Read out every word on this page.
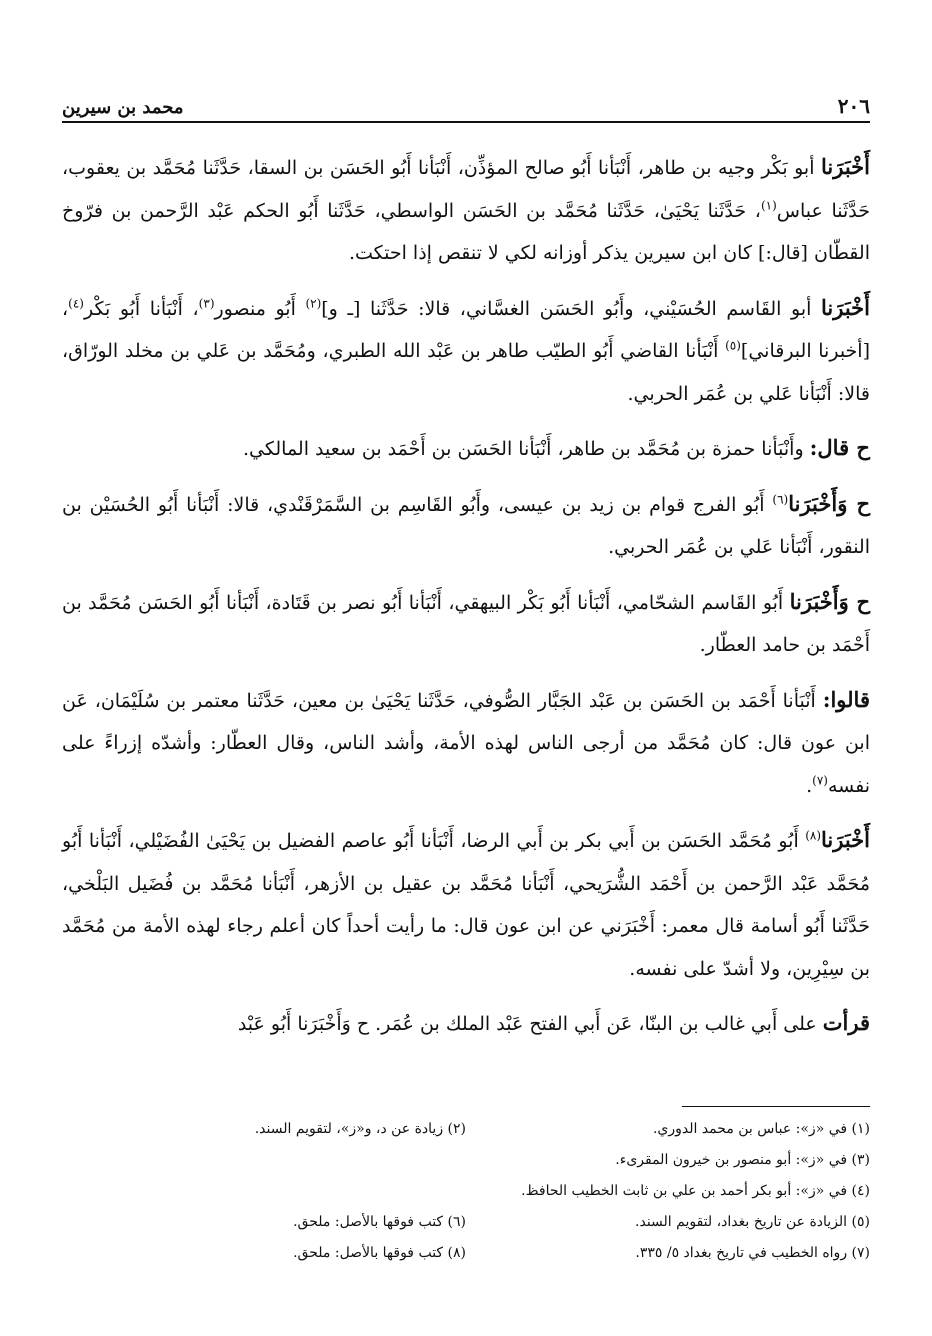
٢٠٦
محمد بن سيرين

أَخْبَرَنا أبو بَكْر وجيه بن طاهر، أَنْبَأنا أَبُو صالح المؤذِّن، أَنْبَأنا أَبُو الحَسَن بن السقا، حَدَّثَنا مُحَمَّد بن يعقوب، حَدَّثَنا عباس$^{(١)}$، حَدَّثَنا يَحْيَىٰ، حَدَّثَنا مُحَمَّد بن الحَسَن الواسطي، حَدَّثَنا أَبُو الحكم عَبْد الرَّحمن بن فرّوخ القطّان [قال:] كان ابن سيرين يذكر أوزانه لكي لا تنقص إذا احتكت.

أَخْبَرَنا أبو القَاسم الحُسَيْني، وأَبُو الحَسَن الغسَّاني، قالا: حَدَّثَنا [ـ و]$^{(٢)}$ أَبُو منصور$^{(٣)}$، أَنْبَأنا أَبُو بَكْر$^{(٤)}$، [أخبرنا البرقاني]$^{(٥)}$ أَنْبَأنا القاضي أَبُو الطيّب طاهر بن عَبْد الله الطبري، ومُحَمَّد بن عَلي بن مخلد الورّاق، قالا: أَنْبَأنا عَلي بن عُمَر الحربي.

ح قال: وأَنْبَأنا حمزة بن مُحَمَّد بن طاهر، أَنْبَأنا الحَسَن بن أَحْمَد بن سعيد المالكي.

ح وَأَخْبَرَنا$^{(٦)}$ أَبُو الفرج قوام بن زيد بن عيسى، وأَبُو القَاسِم بن السَّمَرْقَنْدي، قالا: أَنْبَأنا أَبُو الحُسَيْن بن النقور، أَنْبَأنا عَلي بن عُمَر الحربي.

ح وَأَخْبَرَنا أَبُو القَاسم الشحّامي، أَنْبَأنا أَبُو بَكْر البيهقي، أَنْبَأنا أَبُو نصر بن قَتَادة، أَنْبَأنا أَبُو الحَسَن مُحَمَّد بن أَحْمَد بن حامد العطّار.

قالوا: أَنْبَأنا أَحْمَد بن الحَسَن بن عَبْد الجَبَّار الصُّوفي، حَدَّثَنا يَحْيَىٰ بن معين، حَدَّثَنا معتمر بن سُلَيْمَان، عَن ابن عون قال: كان مُحَمَّد من أرجى الناس لهذه الأمة، وأشد الناس، وقال العطّار: وأشدّه إزراءً على نفسه$^{(٧)}$.

أَخْبَرَنا$^{(٨)}$ أَبُو مُحَمَّد الحَسَن بن أَبي بكر بن أَبي الرضا، أَنْبَأنا أَبُو عاصم الفضيل بن يَحْيَىٰ الفُضَيْلي، أَنْبَأنا أَبُو مُحَمَّد عَبْد الرَّحمن بن أَحْمَد الشُّرَيحي، أَنْبَأنا مُحَمَّد بن عقيل بن الأزهر، أَنْبَأنا مُحَمَّد بن فُضَيل البَلْخي، حَدَّثَنا أَبُو أسامة قال معمر: أَخْبَرَني عن ابن عون قال: ما رأيت أحداً كان أعلم رجاء لهذه الأمة من مُحَمَّد بن سِيْرِين، ولا أشدّ على نفسه.

قرأت على أَبي غالب بن البنّا، عَن أَبي الفتح عَبْد الملك بن عُمَر. ح وَأَخْبَرَنا أَبُو عَبْد

(١) في «ز»: عباس بن محمد الدوري.
(٢) زيادة عن د، و«ز»، لتقويم السند.
(٣) في «ز»: أبو منصور بن خيرون المقرىء.
(٤) في «ز»: أبو بكر أحمد بن علي بن ثابت الخطيب الحافظ.
(٥) الزيادة عن تاريخ بغداد، لتقويم السند.
(٦) كتب فوقها بالأصل: ملحق.
(٧) رواه الخطيب في تاريخ بغداد ٥/ ٣٣٥.
(٨) كتب فوقها بالأصل: ملحق.
